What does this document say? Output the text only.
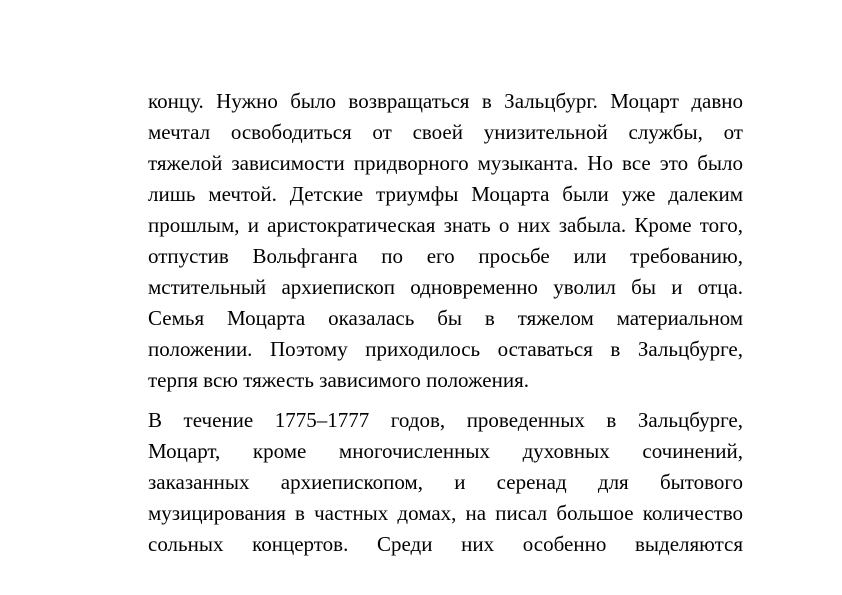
концу. Нужно было возвращаться в Зальцбург. Моцарт давно
мечтал освободиться от своей унизительной службы, от
тяжелой зависимости придворного музыканта. Но все это было
лишь мечтой. Детские триумфы Моцарта были уже далеким
прошлым, и аристократическая знать о них забыла. Кроме того,
отпустив Вольфганга по его просьбе или требованию,
мстительный архиепископ одновременно уволил бы и отца.
Семья Моцарта оказалась бы в тяжелом материальном
положении. Поэтому приходилось оставаться в Зальцбурге,
терпя всю тяжесть зависимого положения.
В течение 1775–1777 годов, проведенных в Зальцбурге,
Моцарт, кроме многочисленных духовных сочинений,
заказанных архиепископом, и серенад для бытового
музицирования в частных домах, на писал большое количество
сольных концертов. Среди них особенно выделяются
